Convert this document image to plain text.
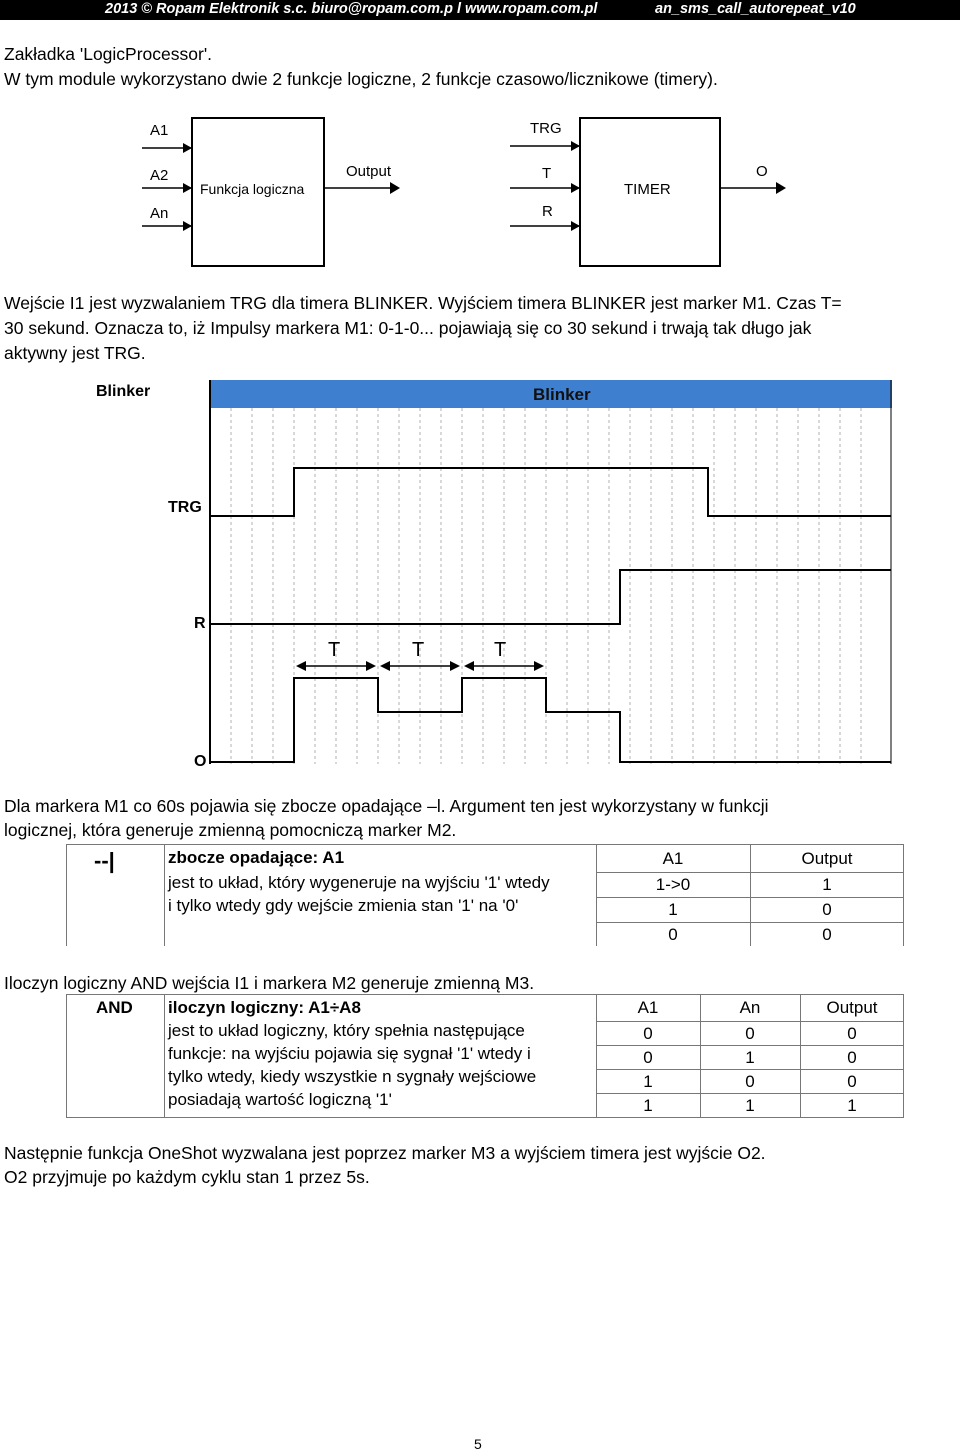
2013 © Ropam Elektronik s.c. biuro@ropam.com.p l www.ropam.com.pl	an_sms_call_autorepeat_v10
Zakładka 'LogicProcessor'.
W tym module wykorzystano dwie 2 funkcje logiczne, 2 funkcje czasowo/licznikowe (timery).
A1
A2
An
Funkcja logiczna
Output
TRG
T
R
TIMER
O
Wejście I1 jest wyzwalaniem TRG dla timera BLINKER. Wyjściem timera BLINKER jest marker M1. Czas T=
30 sekund. Oznacza to, iż Impulsy markera M1: 0-1-0... pojawiają się co 30 sekund i trwają tak długo jak
aktywny jest TRG.
Blinker	Blinker
TRG
R
O
T	T	T
Dla markera M1 co 60s pojawia się zbocze opadające –l. Argument ten jest wykorzystany w funkcji
logicznej, która generuje zmienną pomocniczą marker M2.
--|	zbocze opadające: A1
jest to układ, który wygeneruje na wyjściu '1' wtedy
i tylko wtedy gdy wejście zmienia stan '1' na '0'
A1	Output
1->0	1
1	0
0	0
Iloczyn logiczny AND wejścia I1 i markera M2 generuje zmienną M3.
AND iloczyn logiczny: A1÷A8
jest to układ logiczny, który spełnia następujące
funkcje: na wyjściu pojawia się sygnał '1' wtedy i
tylko wtedy, kiedy wszystkie n sygnały wejściowe
posiadają wartość logiczną '1'
A1	An	Output
0	0	0
0	1	0
1	0	0
1	1	1
Następnie funkcja OneShot wyzwalana jest poprzez marker M3 a wyjściem timera jest wyjście O2.
O2 przyjmuje po każdym cyklu stan 1 przez 5s.
5
